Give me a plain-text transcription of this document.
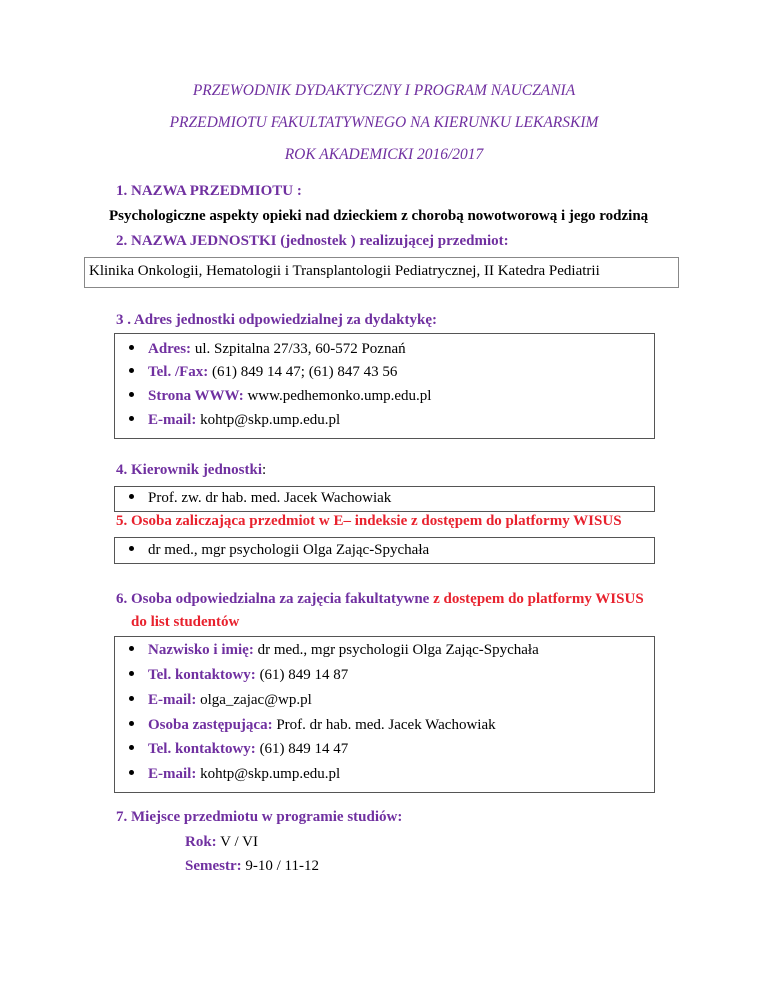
PRZEWODNIK DYDAKTYCZNY I PROGRAM NAUCZANIA
PRZEDMIOTU FAKULTATYWNEGO NA KIERUNKU LEKARSKIM
ROK AKADEMICKI 2016/2017
1. NAZWA PRZEDMIOTU :
Psychologiczne aspekty opieki nad dzieckiem z chorobą nowotworową i jego rodziną
2. NAZWA JEDNOSTKI (jednostek ) realizującej przedmiot:
Klinika Onkologii, Hematologii i Transplantologii Pediatrycznej, II Katedra Pediatrii
3 . Adres jednostki odpowiedzialnej za dydaktykę:
Adres: ul. Szpitalna 27/33, 60-572 Poznań
Tel. /Fax: (61) 849 14 47; (61) 847 43 56
Strona WWW: www.pedhemonko.ump.edu.pl
E-mail: kohtp@skp.ump.edu.pl
4. Kierownik jednostki:
Prof. zw. dr hab. med. Jacek Wachowiak
5. Osoba zaliczająca przedmiot w E– indeksie z dostępem do platformy WISUS
dr med., mgr psychologii Olga Zając-Spychała
6. Osoba odpowiedzialna za zajęcia fakultatywne z dostępem do platformy WISUS
do list studentów
Nazwisko i imię: dr med., mgr psychologii Olga Zając-Spychała
Tel. kontaktowy: (61) 849 14 87
E-mail: olga_zajac@wp.pl
Osoba zastępująca: Prof. dr hab. med. Jacek Wachowiak
Tel. kontaktowy: (61) 849 14 47
E-mail: kohtp@skp.ump.edu.pl
7. Miejsce przedmiotu w programie studiów:
Rok: V / VI
Semestr: 9-10 / 11-12
